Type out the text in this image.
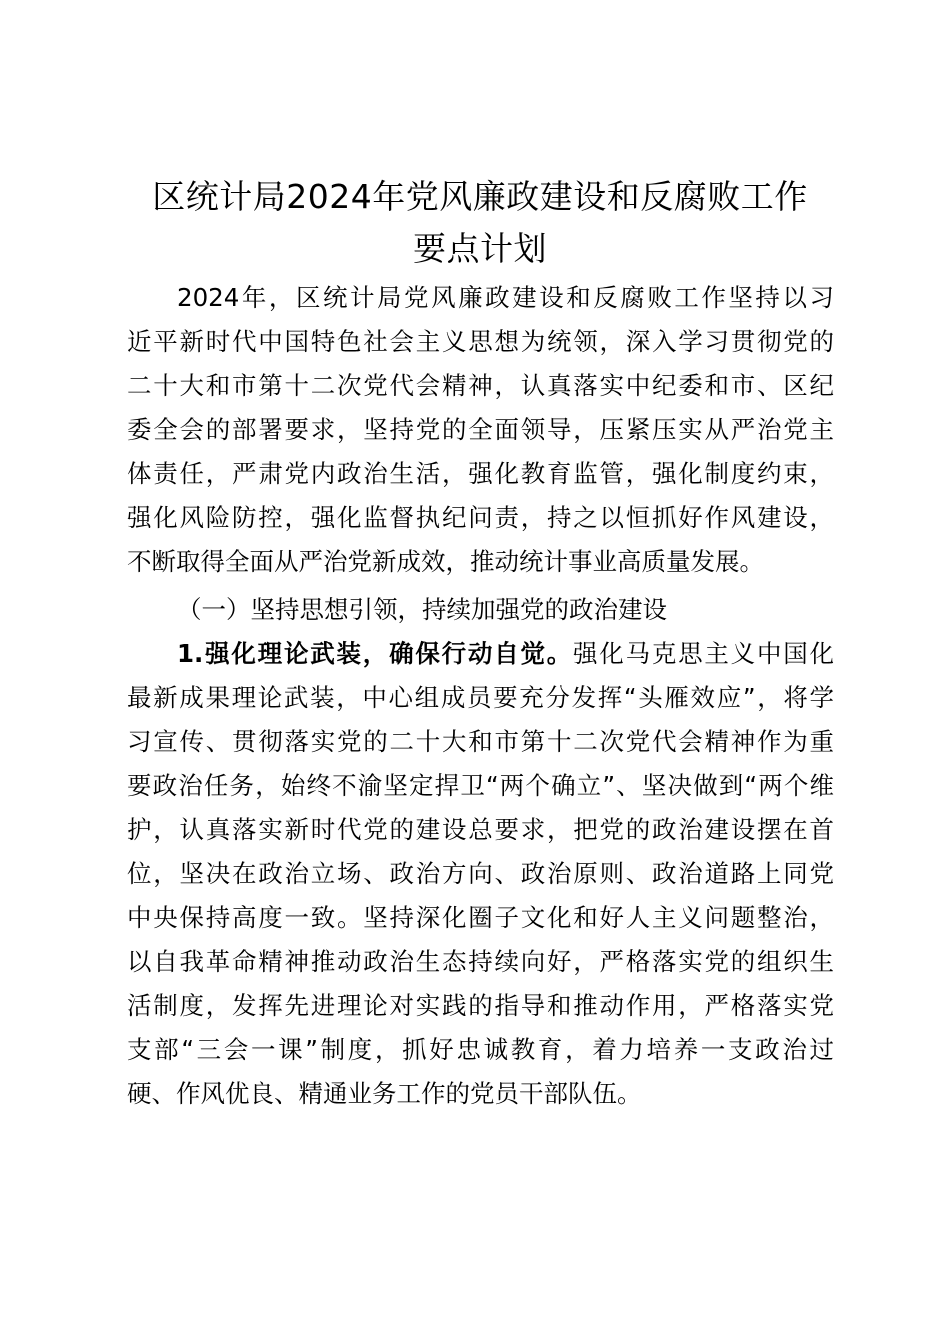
区统计局2024年党风廉政建设和反腐败工作
要点计划
2024年，区统计局党风廉政建设和反腐败工作坚持以习
近平新时代中国特色社会主义思想为统领，深入学习贯彻党的
二十大和市第十二次党代会精神，认真落实中纪委和市、区纪
委全会的部署要求，坚持党的全面领导，压紧压实从严治党主
体责任，严肃党内政治生活，强化教育监管，强化制度约束，
强化风险防控，强化监督执纪问责，持之以恒抓好作风建设，
不断取得全面从严治党新成效，推动统计事业高质量发展。
（一）坚持思想引领，持续加强党的政治建设
1.强化理论武装，确保行动自觉。强化马克思主义中国化
最新成果理论武装，中心组成员要充分发挥“头雁效应”，将学
习宣传、贯彻落实党的二十大和市第十二次党代会精神作为重
要政治任务，始终不渝坚定捍卫“两个确立”、坚决做到“两个维
护，认真落实新时代党的建设总要求，把党的政治建设摆在首
位，坚决在政治立场、政治方向、政治原则、政治道路上同党
中央保持高度一致。坚持深化圈子文化和好人主义问题整治，
以自我革命精神推动政治生态持续向好，严格落实党的组织生
活制度，发挥先进理论对实践的指导和推动作用，严格落实党
支部“三会一课”制度，抓好忠诚教育，着力培养一支政治过
硬、作风优良、精通业务工作的党员干部队伍。
